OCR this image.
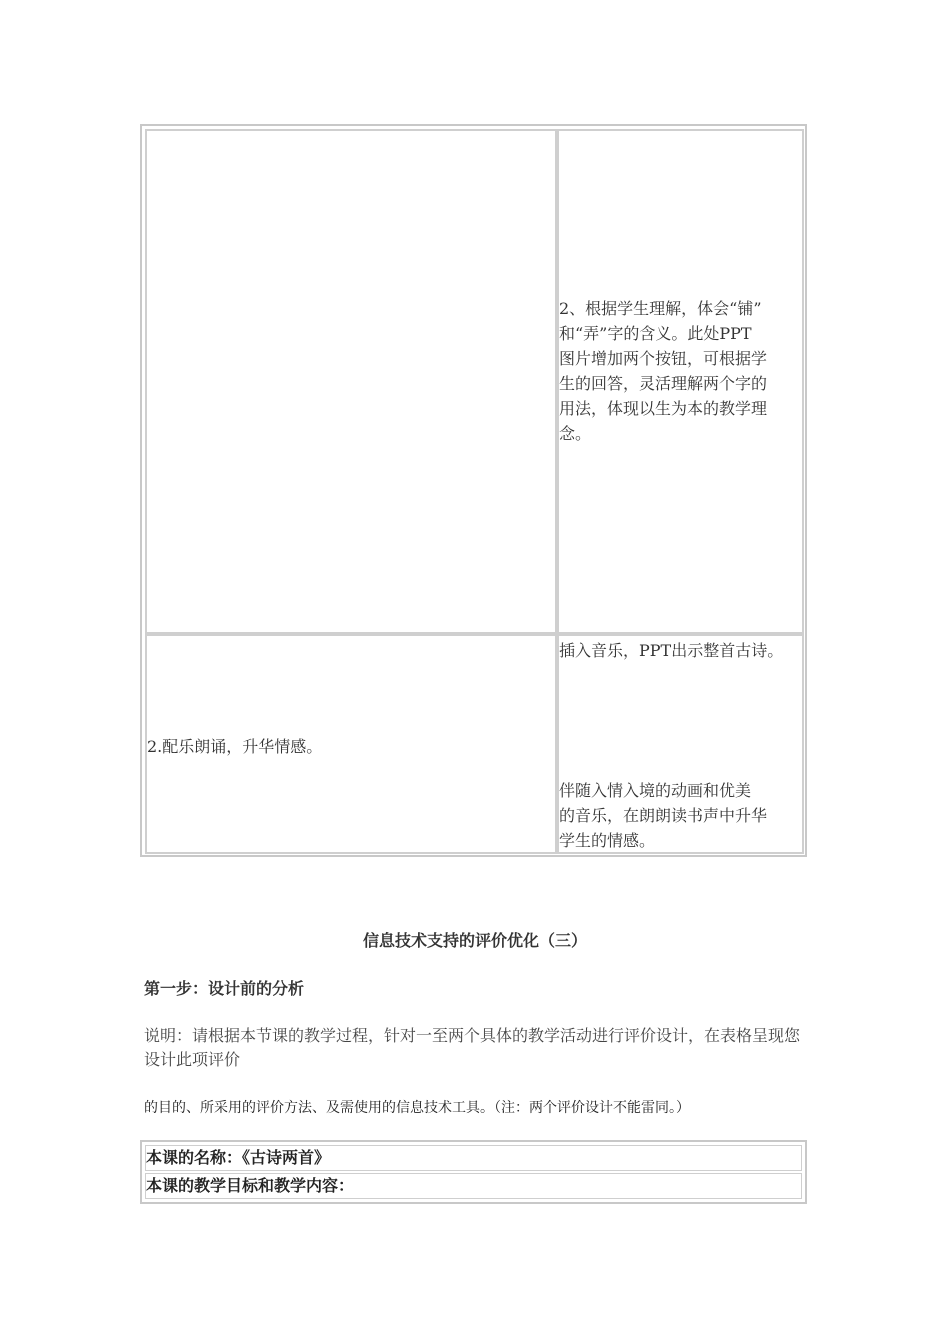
2、根据学生理解，体会“铺”
和“弄”字的含义。此处PPT
图片增加两个按钮，可根据学
生的回答，灵活理解两个字的
用法，体现以生为本的教学理
念。
2.配乐朗诵，升华情感。
插入音乐，PPT出示整首古诗。
伴随入情入境的动画和优美
的音乐，在朗朗读书声中升华
学生的情感。
信息技术支持的评价优化（三）
第一步：设计前的分析
说明：请根据本节课的教学过程，针对一至两个具体的教学活动进行评价设计，在表格呈现您设计此项评价
的目的、所采用的评价方法、及需使用的信息技术工具。（注：两个评价设计不能雷同。）
本课的名称：《古诗两首》
本课的教学目标和教学内容：
